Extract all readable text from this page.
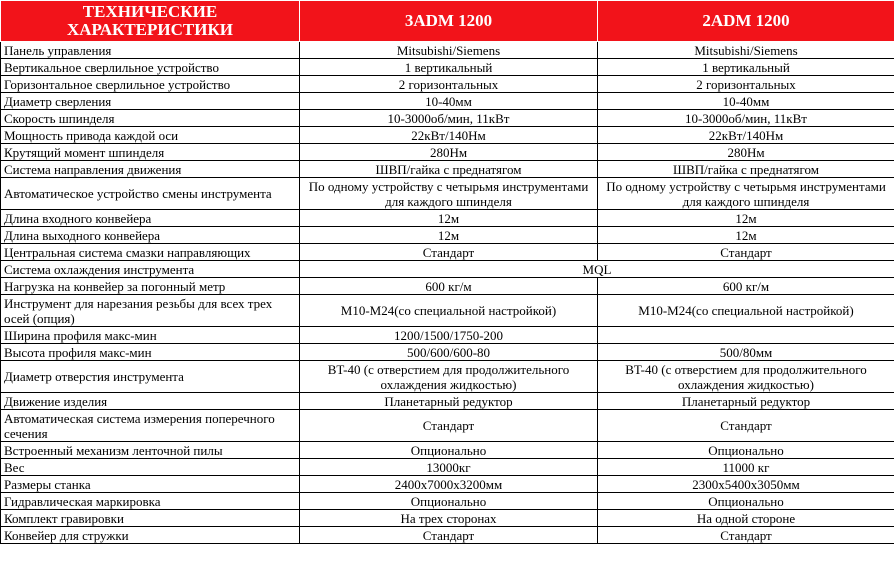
ТЕХНИЧЕСКИЕ ХАРАКТЕРИСТИКИ	3ADM 1200	2ADM 1200
Панель управления	Mitsubishi/Siemens	Mitsubishi/Siemens
Вертикальное сверлильное устройство	1 вертикальный	1 вертикальный
Горизонтальное сверлильное устройство	2 горизонтальных	2 горизонтальных
Диаметр сверления	10-40мм	10-40мм
Скорость шпинделя	10-3000об/мин, 11кВт	10-3000об/мин, 11кВт
Мощность привода каждой оси	22кВт/140Нм	22кВт/140Нм
Крутящий момент шпинделя	280Нм	280Нм
Система направления движения	ШВП/гайка с преднатягом	ШВП/гайка с преднатягом
Автоматическое устройство смены инструмента	По одному устройству с четырьмя инструментами для каждого шпинделя	По одному устройству с четырьмя инструментами для каждого шпинделя
Длина входного конвейера	12м	12м
Длина выходного конвейера	12м	12м
Центральная система смазки направляющих	Стандарт	Стандарт
Система охлаждения инструмента	MQL	
Нагрузка на конвейер за погонный метр	600 кг/м	600 кг/м
Инструмент для нарезания резьбы для всех трех осей (опция)	M10-M24(со специальной настройкой)	M10-M24(со специальной настройкой)
Ширина профиля макс-мин	1200/1500/1750-200	
Высота профиля макс-мин	500/600/600-80	500/80мм
Диаметр отверстия инструмента	BT-40 (с отверстием для продолжительного охлаждения жидкостью)	BT-40 (с отверстием для продолжительного охлаждения жидкостью)
Движение изделия	Планетарный редуктор	Планетарный редуктор
Автоматическая система измерения поперечного сечения	Стандарт	Стандарт
Встроенный механизм ленточной пилы	Опционально	Опционально
Вес	13000кг	11000 кг
Размеры станка	2400x7000x3200мм	2300x5400x3050мм
Гидравлическая маркировка	Опционально	Опционально
Комплект гравировки	На трех сторонах	На одной стороне
Конвейер для стружки	Стандарт	Стандарт
